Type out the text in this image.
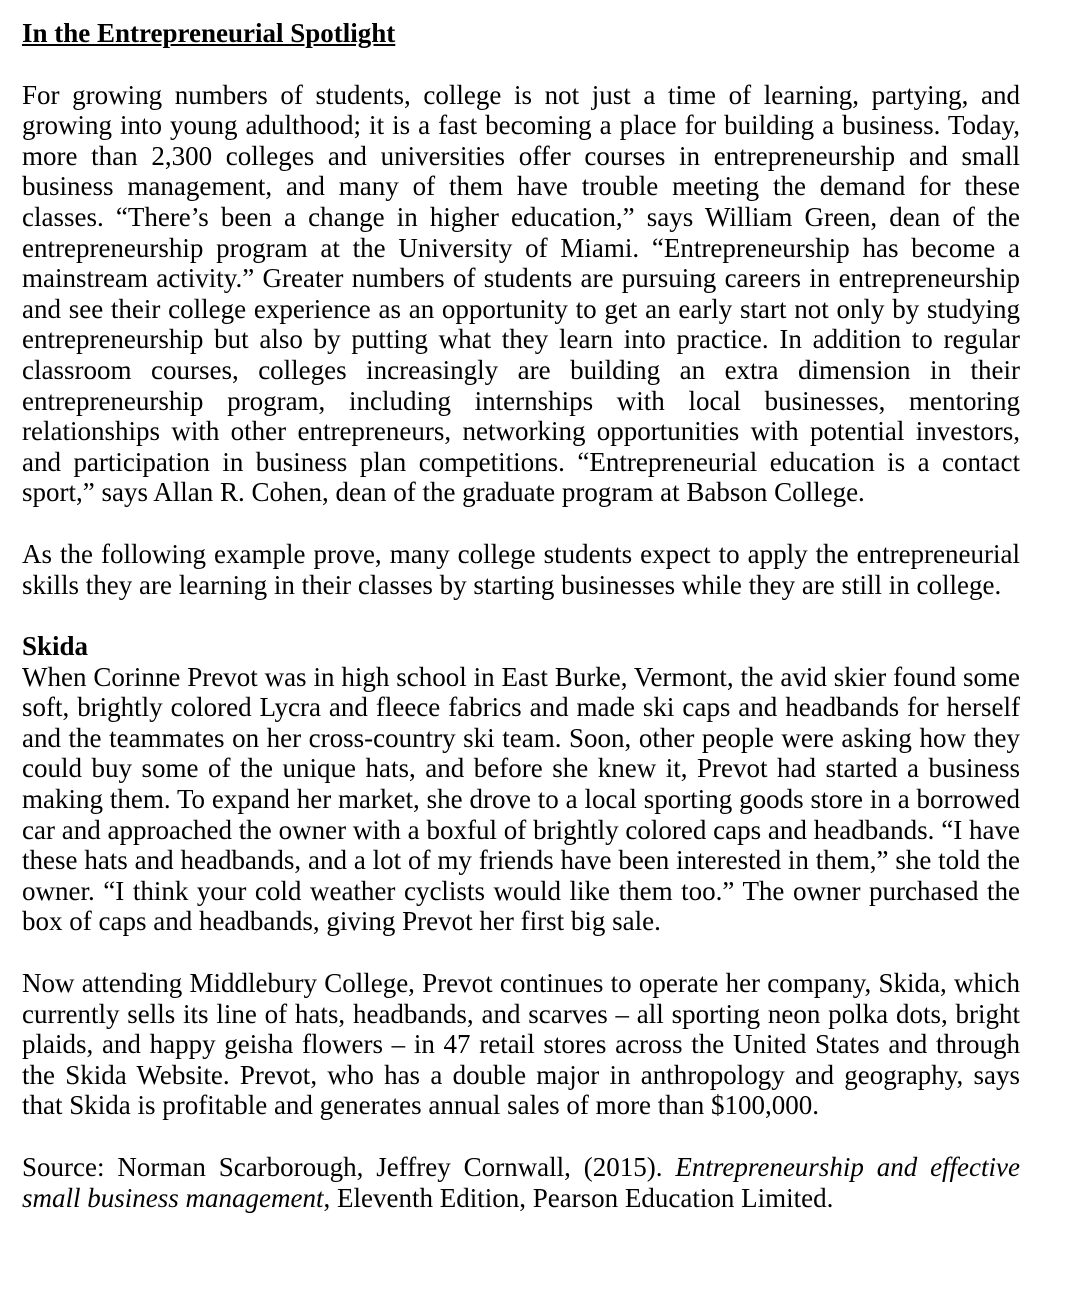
In the Entrepreneurial Spotlight

For growing numbers of students, college is not just a time of learning, partying, and growing into young adulthood; it is a fast becoming a place for building a business. Today, more than 2,300 colleges and universities offer courses in entrepreneurship and small business management, and many of them have trouble meeting the demand for these classes. “There’s been a change in higher education,” says William Green, dean of the entrepreneurship program at the University of Miami. “Entrepreneurship has become a mainstream activity.” Greater numbers of students are pursuing careers in entrepreneurship and see their college experience as an opportunity to get an early start not only by studying entrepreneurship but also by putting what they learn into practice. In addition to regular classroom courses, colleges increasingly are building an extra dimension in their entrepreneurship program, including internships with local businesses, mentoring relationships with other entrepreneurs, networking opportunities with potential investors, and participation in business plan competitions. “Entrepreneurial education is a contact sport,” says Allan R. Cohen, dean of the graduate program at Babson College.

As the following example prove, many college students expect to apply the entrepreneurial skills they are learning in their classes by starting businesses while they are still in college.

Skida

When Corinne Prevot was in high school in East Burke, Vermont, the avid skier found some soft, brightly colored Lycra and fleece fabrics and made ski caps and headbands for herself and the teammates on her cross-country ski team. Soon, other people were asking how they could buy some of the unique hats, and before she knew it, Prevot had started a business making them. To expand her market, she drove to a local sporting goods store in a borrowed car and approached the owner with a boxful of brightly colored caps and headbands. “I have these hats and headbands, and a lot of my friends have been interested in them,” she told the owner. “I think your cold weather cyclists would like them too.” The owner purchased the box of caps and headbands, giving Prevot her first big sale.

Now attending Middlebury College, Prevot continues to operate her company, Skida, which currently sells its line of hats, headbands, and scarves – all sporting neon polka dots, bright plaids, and happy geisha flowers – in 47 retail stores across the United States and through the Skida Website. Prevot, who has a double major in anthropology and geography, says that Skida is profitable and generates annual sales of more than $100,000.

Source: Norman Scarborough, Jeffrey Cornwall, (2015). Entrepreneurship and effective small business management, Eleventh Edition, Pearson Education Limited.
